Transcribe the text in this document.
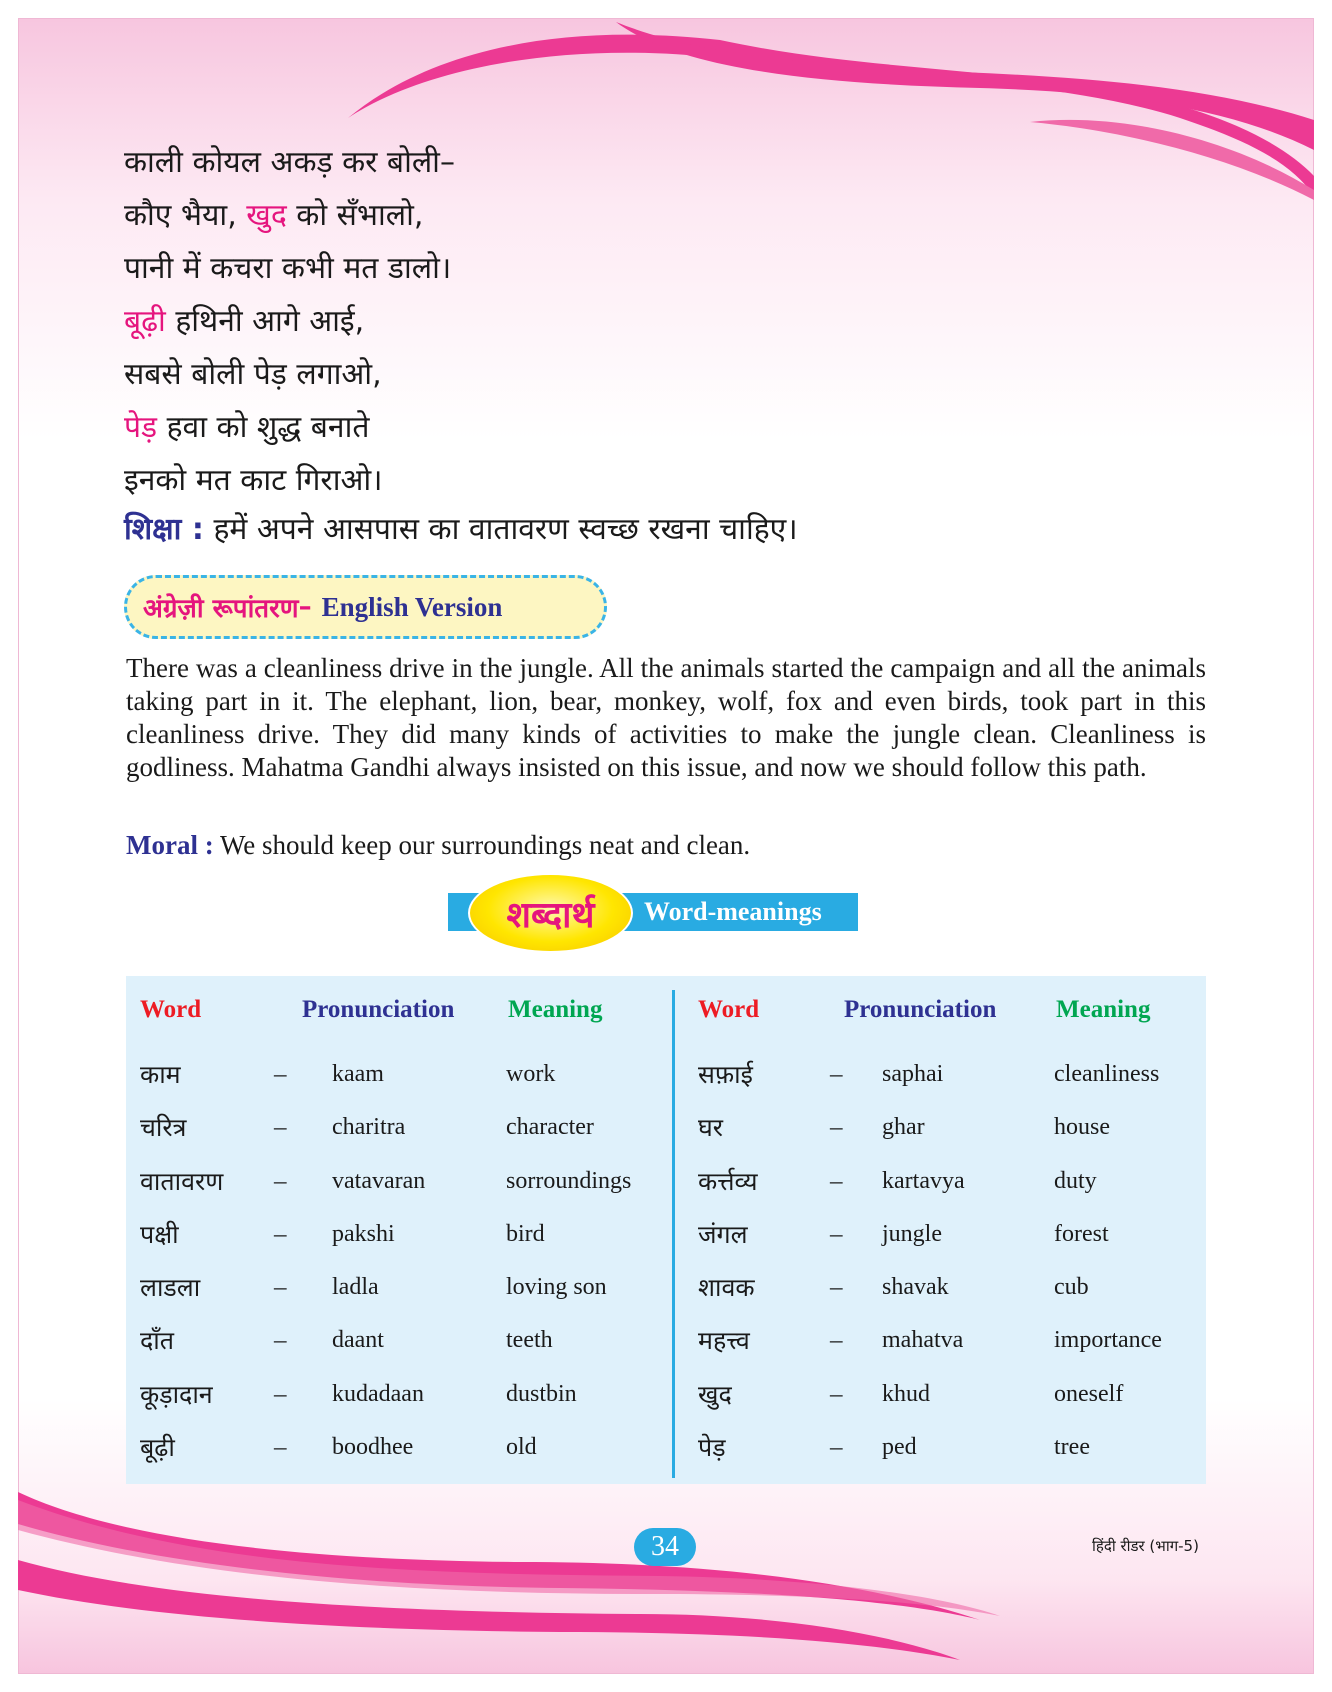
काली कोयल अकड़ कर बोली–
कौए भैया, खुद को सँभालो,
पानी में कचरा कभी मत डालो।
बूढ़ी हथिनी आगे आई,
सबसे बोली पेड़ लगाओ,
पेड़ हवा को शुद्ध बनाते
इनको मत काट गिराओ।
शिक्षा : हमें अपने आसपास का वातावरण स्वच्छ रखना चाहिए।
अंग्रेज़ी रूपांतरण – English Version

There was a cleanliness drive in the jungle. All the animals started the campaign and all the animals taking part in it. The elephant, lion, bear, monkey, wolf, fox and even birds, took part in this cleanliness drive. They did many kinds of activities to make the jungle clean. Cleanliness is godliness. Mahatma Gandhi always insisted on this issue, and now we should follow this path.

Moral : We should keep our surroundings neat and clean.
Word-meanings
शब्दार्थ
Word	Pronunciation Meaning
काम	– kaam	work
चरित्र	– charitra	character
वातावरण – vatavaran	sorroundings
पक्षी	– pakshi	bird
लाडला	– ladla	loving son
दाँत	– daant	teeth
कूड़ादान – kudadaan	dustbin
बूढ़ी	– boodhee	old
Word	Pronunciation Meaning
सफ़ाई	– saphai	cleanliness
घर	– ghar	house
कर्त्तव्य	– kartavya	duty
जंगल	– jungle	forest
शावक	– shavak	cub
महत्त्व	– mahatva	importance
खुद	– khud	oneself
पेड़	– ped	tree
34	हिंदी रीडर (भाग-5)
